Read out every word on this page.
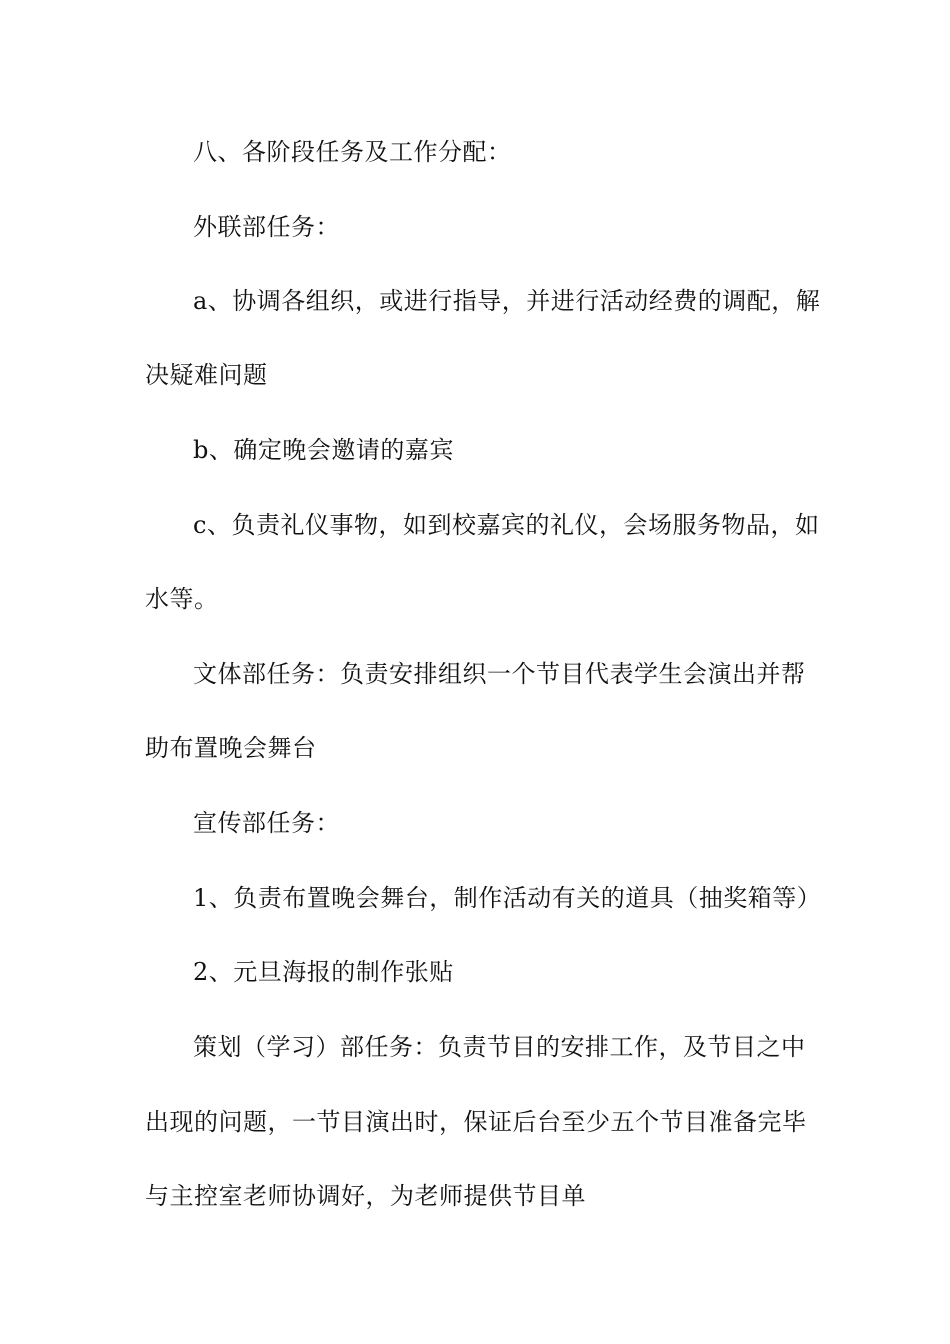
八、各阶段任务及工作分配：
外联部任务：
a、协调各组织，或进行指导，并进行活动经费的调配，解
决疑难问题
b、确定晚会邀请的嘉宾
c、负责礼仪事物，如到校嘉宾的礼仪，会场服务物品，如
水等。
文体部任务：负责安排组织一个节目代表学生会演出并帮
助布置晚会舞台
宣传部任务：
1、负责布置晚会舞台，制作活动有关的道具（抽奖箱等）
2、元旦海报的制作张贴
策划（学习）部任务：负责节目的安排工作，及节目之中
出现的问题，一节目演出时，保证后台至少五个节目准备完毕
与主控室老师协调好，为老师提供节目单
